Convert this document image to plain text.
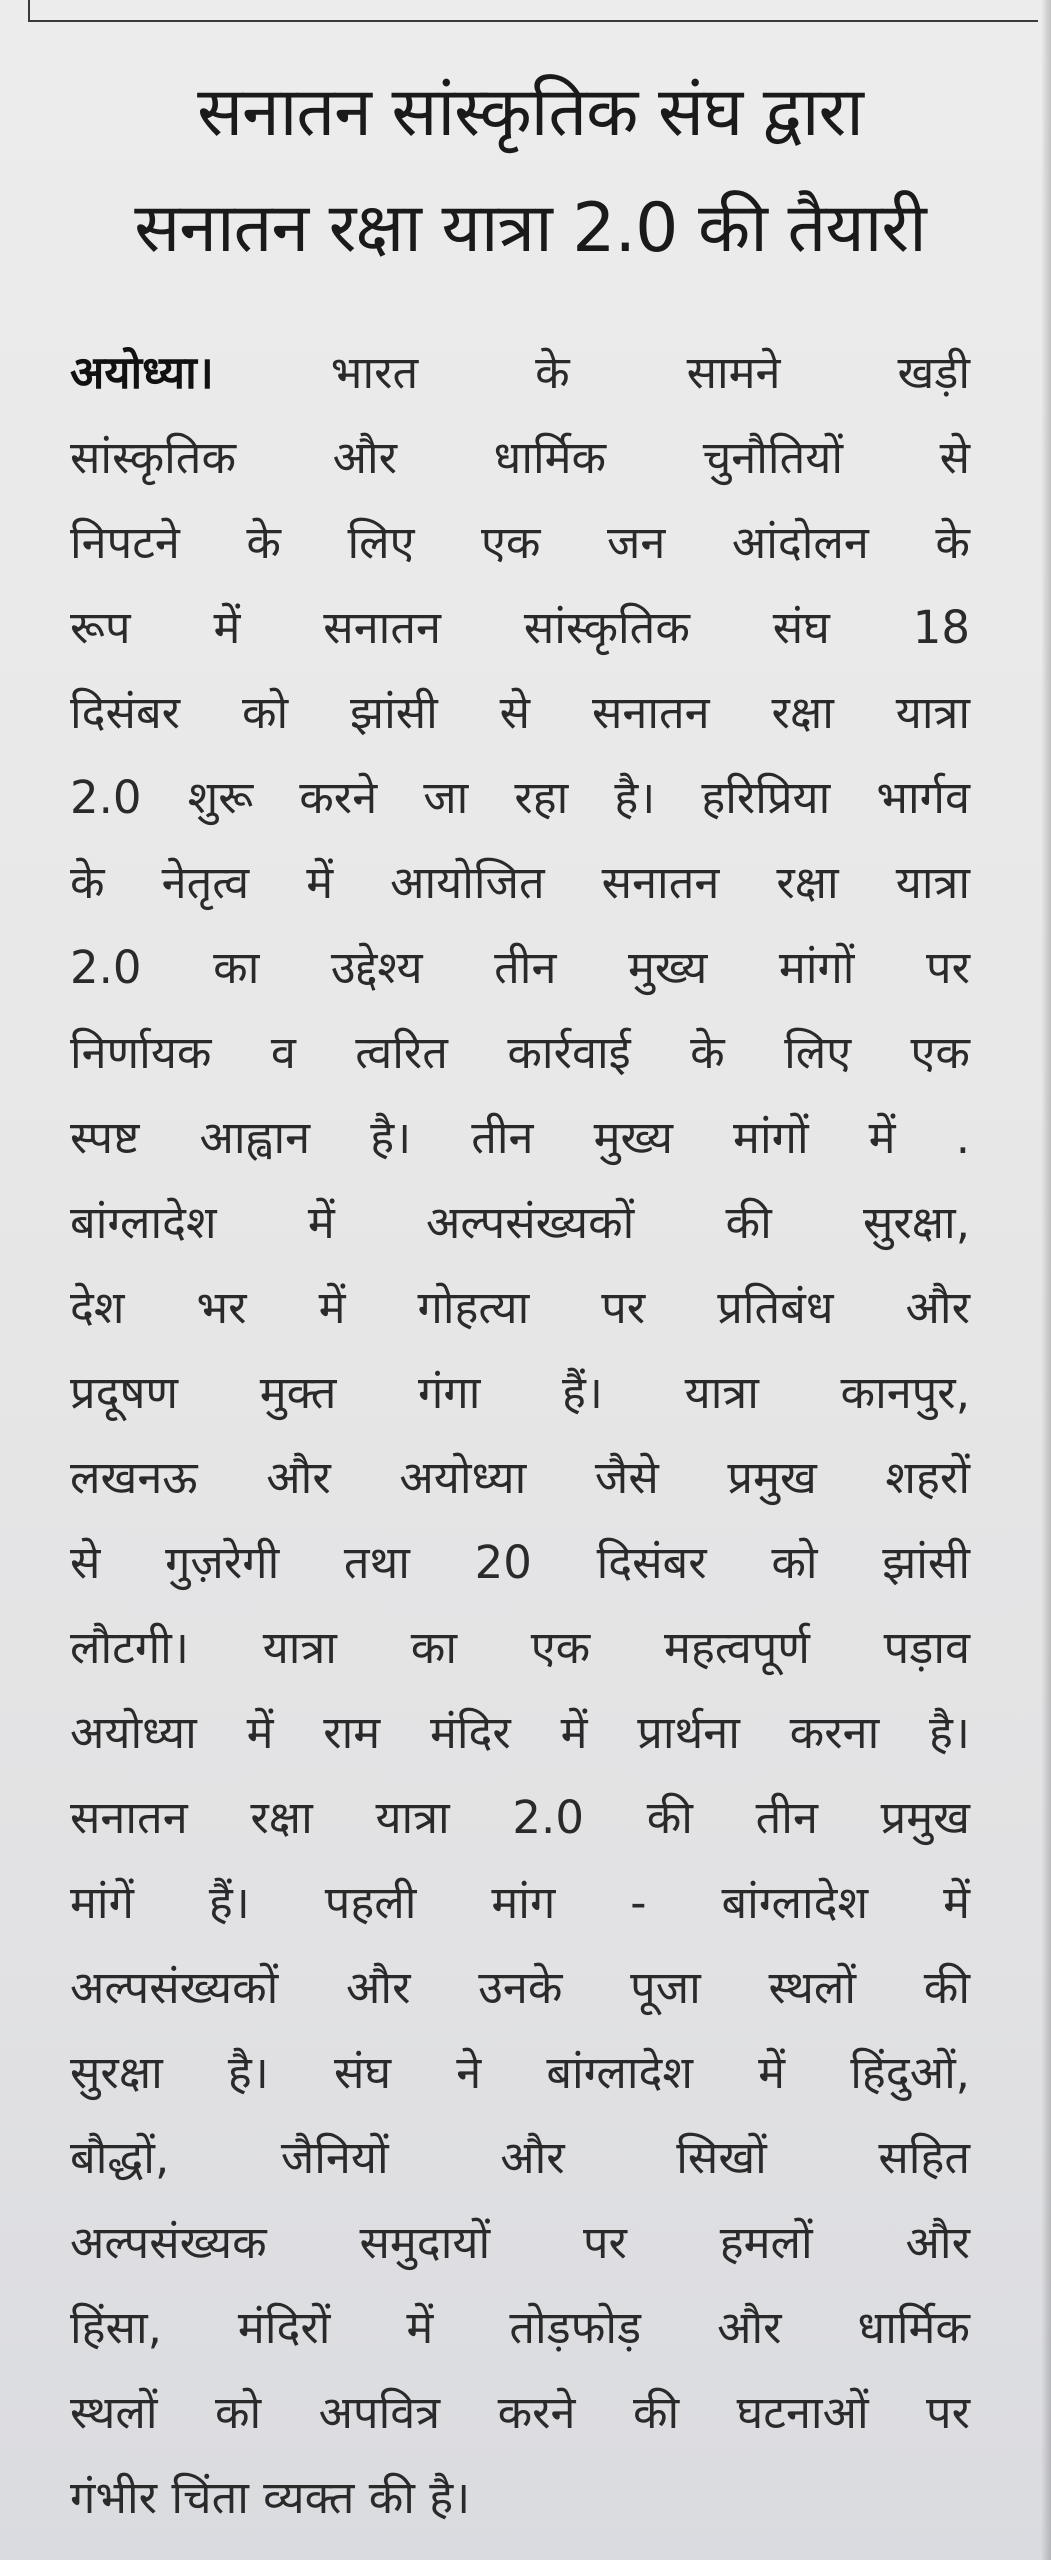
सनातन सांस्कृतिक संघ द्वारा
सनातन रक्षा यात्रा 2.0 की तैयारी
अयोध्या। भारत के सामने खड़ी
सांस्कृतिक और धार्मिक चुनौतियों से
निपटने के लिए एक जन आंदोलन के
रूप में सनातन सांस्कृतिक संघ 18
दिसंबर को झांसी से सनातन रक्षा यात्रा
2.0 शुरू करने जा रहा है। हरिप्रिया भार्गव
के नेतृत्व में आयोजित सनातन रक्षा यात्रा
2.0 का उद्देश्य तीन मुख्य मांगों पर
निर्णायक व त्वरित कार्रवाई के लिए एक
स्पष्ट आह्वान है। तीन मुख्य मांगों में .
बांग्लादेश में अल्पसंख्यकों की सुरक्षा,
देश भर में गोहत्या पर प्रतिबंध और
प्रदूषण मुक्त गंगा हैं। यात्रा कानपुर,
लखनऊ और अयोध्या जैसे प्रमुख शहरों
से गुज़रेगी तथा 20 दिसंबर को झांसी
लौटगी। यात्रा का एक महत्वपूर्ण पड़ाव
अयोध्या में राम मंदिर में प्रार्थना करना है।
सनातन रक्षा यात्रा 2.0 की तीन प्रमुख
मांगें हैं। पहली मांग - बांग्लादेश में
अल्पसंख्यकों और उनके पूजा स्थलों की
सुरक्षा है। संघ ने बांग्लादेश में हिंदुओं,
बौद्धों, जैनियों और सिखों सहित
अल्पसंख्यक समुदायों पर हमलों और
हिंसा, मंदिरों में तोड़फोड़ और धार्मिक
स्थलों को अपवित्र करने की घटनाओं पर
गंभीर चिंता व्यक्त की है।
